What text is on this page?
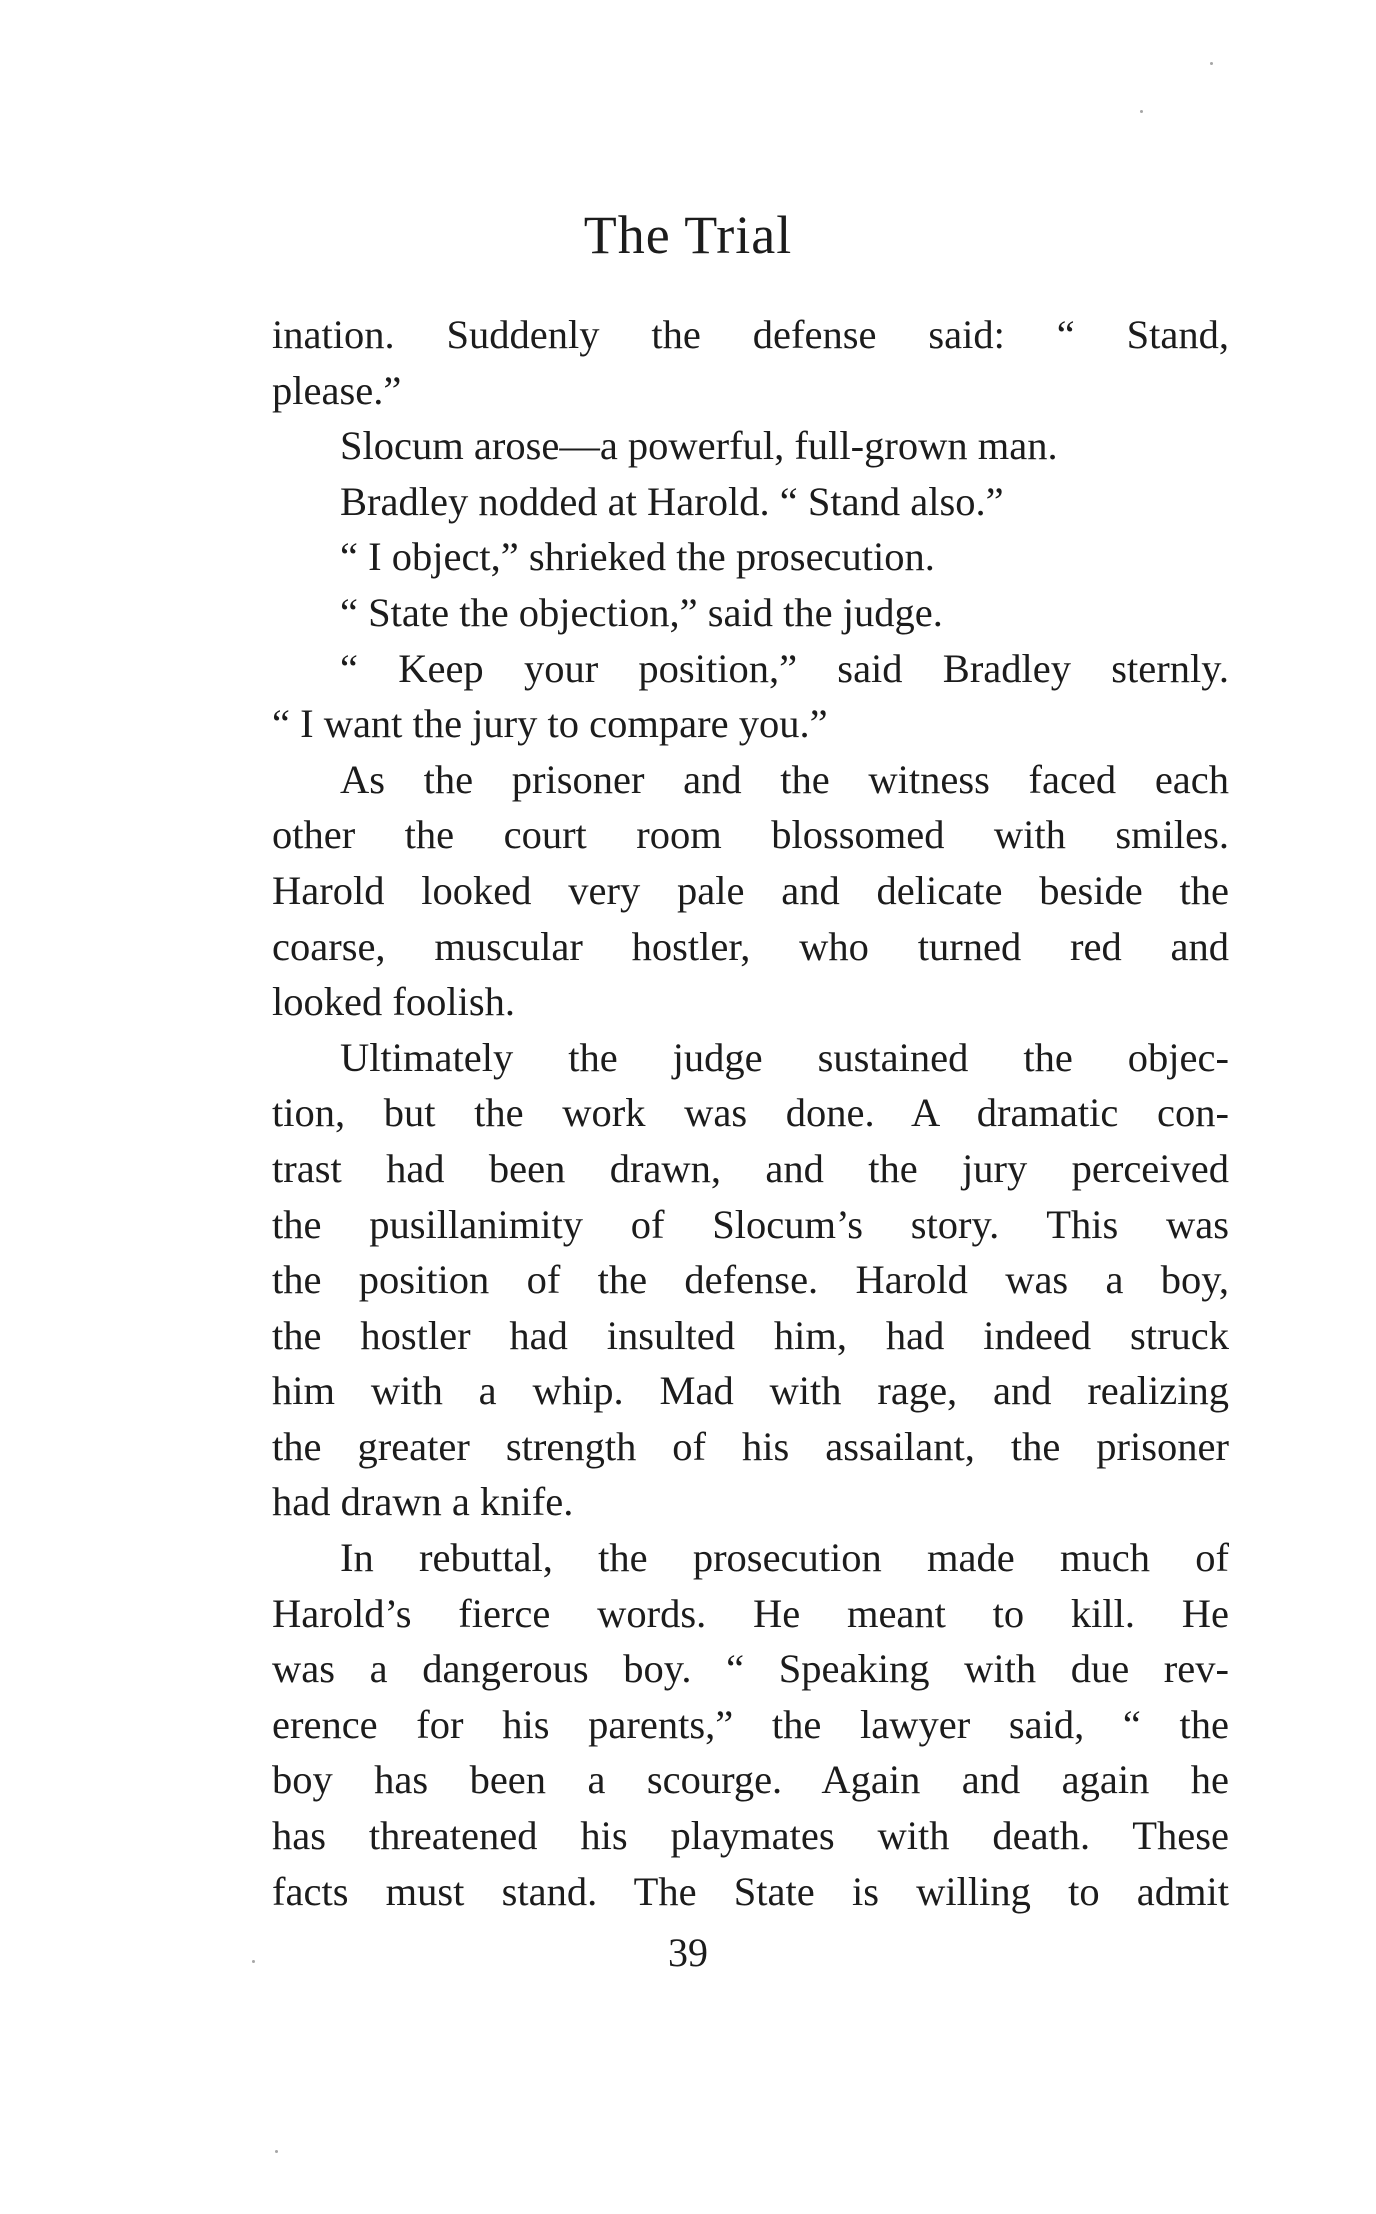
The Trial
ination. Suddenly the defense said: “ Stand,
please.”
Slocum arose—a powerful, full-grown man.
Bradley nodded at Harold. “ Stand also.”
“ I object,” shrieked the prosecution.
“ State the objection,” said the judge.
“ Keep your position,” said Bradley sternly.
“ I want the jury to compare you.”
As the prisoner and the witness faced each
other the court room blossomed with smiles.
Harold looked very pale and delicate beside the
coarse, muscular hostler, who turned red and
looked foolish.
Ultimately the judge sustained the objec-
tion, but the work was done. A dramatic con-
trast had been drawn, and the jury perceived
the pusillanimity of Slocum’s story. This was
the position of the defense. Harold was a boy,
the hostler had insulted him, had indeed struck
him with a whip. Mad with rage, and realizing
the greater strength of his assailant, the prisoner
had drawn a knife.
In rebuttal, the prosecution made much of
Harold’s fierce words. He meant to kill. He
was a dangerous boy. “ Speaking with due rev-
erence for his parents,” the lawyer said, “ the
boy has been a scourge. Again and again he
has threatened his playmates with death. These
facts must stand. The State is willing to admit
39
